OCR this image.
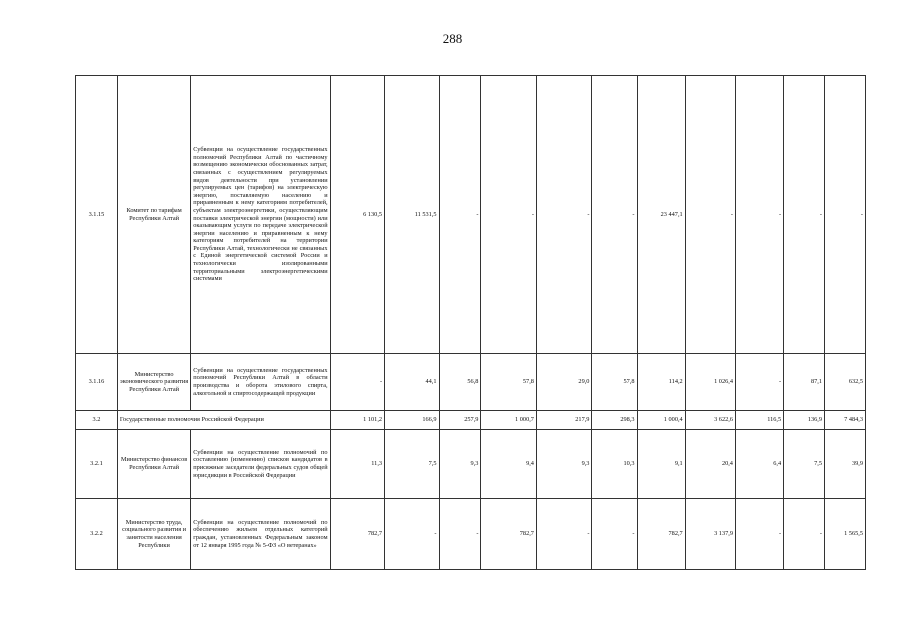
288
3.1.15	Комитет по тарифам Республики Алтай	Субвенции на осуществление государственных полномочий Республики Алтай по частичному возмещению экономически обоснованных затрат, связанных с осуществлением регулируемых видов деятельности при установлении регулируемых цен (тарифов) на электрическую энергию, поставляемую населению и приравненным к нему категориям потребителей, субъектам электроэнергетики, осуществляющим поставки электрической энергии (мощности) или оказывающим услуги по передаче электрической энергии населению и приравненным к нему категориям потребителей на территории Республики Алтай, технологически не связанных с Единой энергетической системой России и технологически изолированными территориальными электроэнергетическими системами	6 130,5	11 531,5	-	-	-	-	23 447,1	-	-	-	-
3.1.16	Министерство экономического развития Республики Алтай	Субвенции на осуществление государственных полномочий Республики Алтай в области производства и оборота этилового спирта, алкогольной и спиртосодержащей продукции	-	44,1	56,8	57,8	29,0	57,8	114,2	1 026,4	-	87,1	632,5
3.2	Государственные полномочия Российской Федерации		1 101,2	166,9	257,9	1 000,7	217,9	298,3	1 000,4	3 622,6	116,5	136,9	7 484,3
3.2.1	Министерство финансов Республики Алтай	Субвенции на осуществление полномочий по составлению (изменению) списков кандидатов в присяжные заседатели федеральных судов общей юрисдикции в Российской Федерации	11,3	7,5	9,3	9,4	9,3	10,3	9,1	20,4	6,4	7,5	39,9
3.2.2	Министерство труда, социального развития и занятости населения Республики	Субвенции на осуществление полномочий по обеспечению жильем отдельных категорий граждан, установленных Федеральным законом от 12 января 1995 года № 5-ФЗ «О ветеранах»	782,7	-	-	782,7	-	-	782,7	3 137,9	-	-	1 565,5
